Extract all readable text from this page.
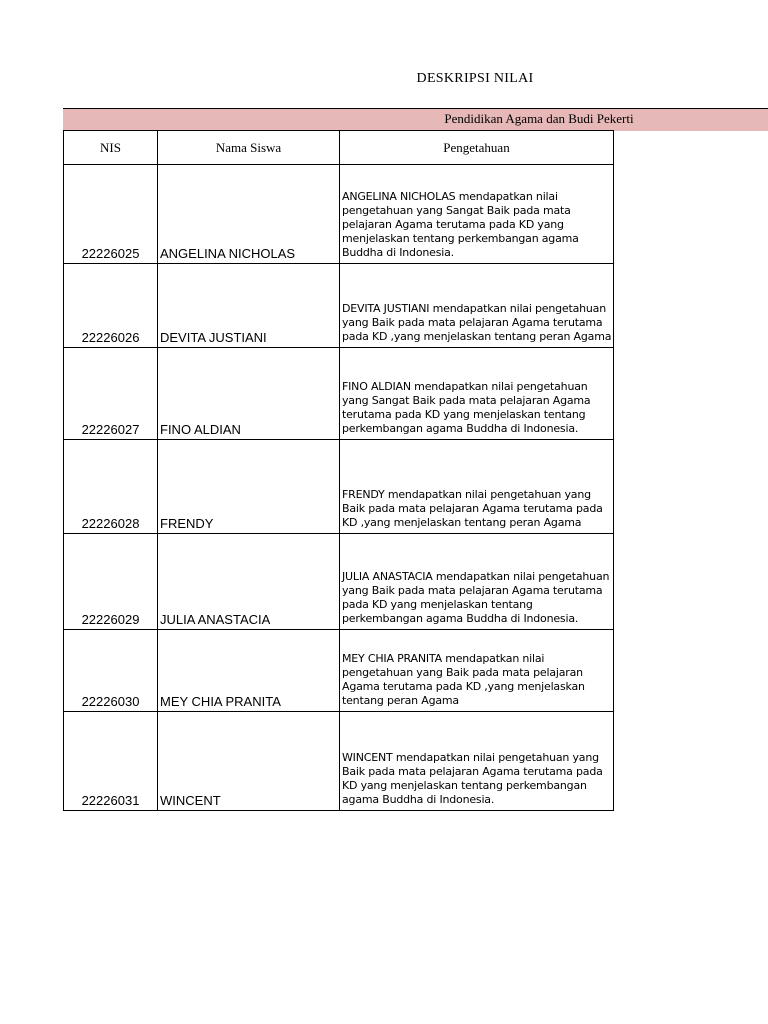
DESKRIPSI NILAI
Pendidikan Agama dan Budi Pekerti
NIS	Nama Siswa	Pengetahuan
22226025	ANGELINA NICHOLAS	ANGELINA NICHOLAS mendapatkan nilai pengetahuan yang Sangat Baik pada mata pelajaran Agama terutama pada KD yang menjelaskan tentang perkembangan agama Buddha di Indonesia.
22226026	DEVITA JUSTIANI	DEVITA JUSTIANI mendapatkan nilai pengetahuan yang Baik pada mata pelajaran Agama terutama pada KD ,yang menjelaskan tentang peran Agama
22226027	FINO ALDIAN	FINO ALDIAN mendapatkan nilai pengetahuan yang Sangat Baik pada mata pelajaran Agama terutama pada KD yang menjelaskan tentang perkembangan agama Buddha di Indonesia.
22226028	FRENDY	FRENDY mendapatkan nilai pengetahuan yang Baik pada mata pelajaran Agama terutama pada KD ,yang menjelaskan tentang peran Agama
22226029	JULIA ANASTACIA	JULIA ANASTACIA mendapatkan nilai pengetahuan yang Baik pada mata pelajaran Agama terutama pada KD yang menjelaskan tentang perkembangan agama Buddha di Indonesia.
22226030	MEY CHIA PRANITA	MEY CHIA PRANITA mendapatkan nilai pengetahuan yang Baik pada mata pelajaran Agama terutama pada KD ,yang menjelaskan tentang peran Agama
22226031	WINCENT	WINCENT mendapatkan nilai pengetahuan yang Baik pada mata pelajaran Agama terutama pada KD yang menjelaskan tentang perkembangan agama Buddha di Indonesia.
